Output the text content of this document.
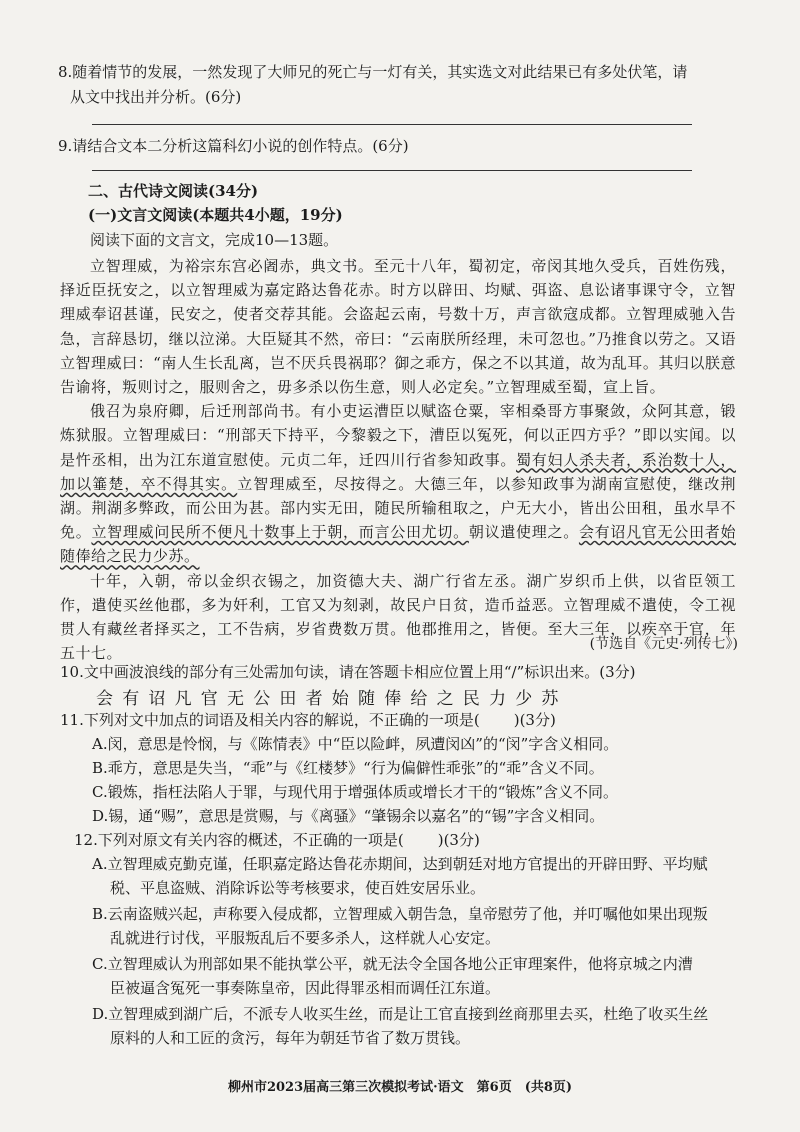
8.随着情节的发展，一然发现了大师兄的死亡与一灯有关，其实选文对此结果已有多处伏笔，请
从文中找出并分析。(6分)
9.请结合文本二分析这篇科幻小说的创作特点。(6分)
二、古代诗文阅读(34分)
(一)文言文阅读(本题共4小题，19分)
阅读下面的文言文，完成10—13题。

立智理威，为裕宗东宫必阇赤，典文书。至元十八年，蜀初定，帝闵其地久受兵，百姓伤残，择近臣抚安之，以立智理威为嘉定路达鲁花赤。时方以辟田、均赋、弭盗、息讼诸事课守令，立智理威奉诏甚谨，民安之，使者交荐其能。会盗起云南，号数十万，声言欲寇成都。立智理威驰入告急，言辞恳切，继以泣涕。大臣疑其不然，帝曰：“云南朕所经理，未可忽也。”乃推食以劳之。又语立智理威曰：“南人生长乱离，岂不厌兵畏祸耶？御之乖方，保之不以其道，故为乱耳。其归以朕意告谕将，叛则讨之，服则舍之，毋多杀以伤生意，则人必定矣。”立智理威至蜀，宣上旨。

俄召为泉府卿，后迁刑部尚书。有小吏运漕臣以赋盗仓粟，宰相桑哥方事聚敛，众阿其意，锻炼狱服。立智理威曰：“刑部天下持平，今黎毅之下，漕臣以冤死，何以正四方乎？”即以实闻。以是忤丞相，出为江东道宣慰使。元贞二年，迁四川行省参知政事。蜀有妇人杀夫者，系治数十人，加以箠楚，卒不得其实。立智理威至，尽按得之。大德三年，以参知政事为湖南宣慰使，继改荆湖。荆湖多弊政，而公田为甚。部内实无田，随民所输租取之，户无大小，皆出公田租，虽水旱不免。立智理威问民所不便凡十数事上于朝，而言公田尤切。朝议遣使理之。会有诏凡官无公田者始随俸给之民力少苏。

十年，入朝，帝以金织衣锡之，加资德大夫、湖广行省左丞。湖广岁织币上供，以省臣领工作，遣使买丝他郡，多为奸利，工官又为刻剥，故民户日贫，造币益恶。立智理威不遣使，令工视贯人有藏丝者择买之，工不告病，岁省费数万贯。他郡推用之，皆便。至大三年，以疾卒于官，年五十七。

(节选自《元史·列传七》)
10.文中画波浪线的部分有三处需加句读，请在答题卡相应位置上用“/”标识出来。(3分)
会有诏凡官无公田者始随俸给之民力少苏
11.下列对文中加点的词语及相关内容的解说，不正确的一项是( )(3分)
A.闵，意思是怜悯，与《陈情表》中“臣以险衅，夙遭闵凶”的“闵”字含义相同。
B.乖方，意思是失当，“乖”与《红楼梦》“行为偏僻性乖张”的“乖”含义不同。
C.锻炼，指枉法陷人于罪，与现代用于增强体质或增长才干的“锻炼”含义不同。
D.锡，通“赐”，意思是赏赐，与《离骚》“肇锡余以嘉名”的“锡”字含义相同。
12.下列对原文有关内容的概述，不正确的一项是( )(3分)
A.立智理威克勤克谨，任职嘉定路达鲁花赤期间，达到朝廷对地方官提出的开辟田野、平均赋
税、平息盗贼、消除诉讼等考核要求，使百姓安居乐业。
B.云南盗贼兴起，声称要入侵成都，立智理威入朝告急，皇帝慰劳了他，并叮嘱他如果出现叛
乱就进行讨伐，平服叛乱后不要多杀人，这样就人心安定。
C.立智理威认为刑部如果不能执掌公平，就无法令全国各地公正审理案件，他将京城之内漕
臣被逼含冤死一事奏陈皇帝，因此得罪丞相而调任江东道。
D.立智理威到湖广后，不派专人收买生丝，而是让工官直接到丝商那里去买，杜绝了收买生丝
原料的人和工匠的贪污，每年为朝廷节省了数万贯钱。
柳州市2023届高三第三次模拟考试·语文　第6页　(共8页)
